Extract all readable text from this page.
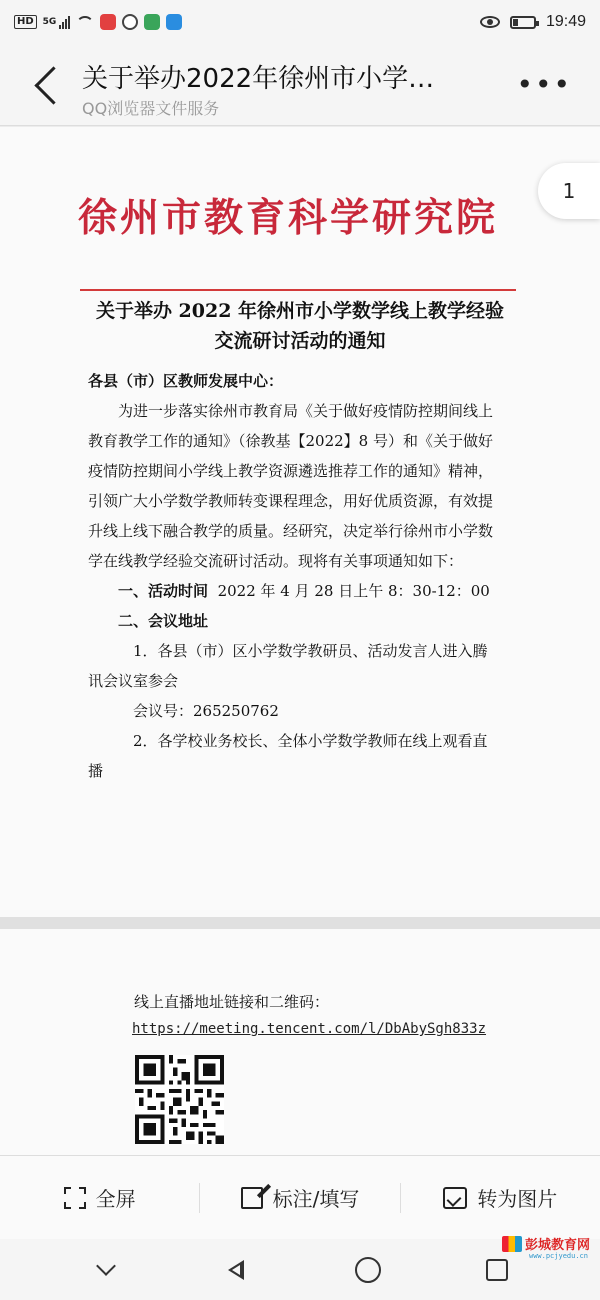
HD	5G	19:49
关于举办2022年徐州市小学…
QQ浏览器文件服务
•••
1
徐州市教育科学研究院
关于举办 2022 年徐州市小学数学线上教学经验
交流研讨活动的通知

各县（市）区教师发展中心：

为进一步落实徐州市教育局《关于做好疫情防控期间线上教育教学工作的通知》（徐教基【2022】8 号）和《关于做好疫情防控期间小学线上教学资源遴选推荐工作的通知》精神，引领广大小学数学教师转变课程理念，用好优质资源，有效提升线上线下融合教学的质量。经研究，决定举行徐州市小学数学在线教学经验交流研讨活动。现将有关事项通知如下：

一、活动时间 2022 年 4 月 28 日上午 8：30-12：00

二、会议地址

1．各县（市）区小学数学教研员、活动发言人进入腾讯会议室参会

会议号：265250762

2．各学校业务校长、全体小学数学教师在线上观看直播

线上直播地址链接和二维码：
https://meeting.tencent.com/l/DbAbySgh833z
全屏	标注/填写	转为图片
彭城教育网
www.pcjyedu.cn
